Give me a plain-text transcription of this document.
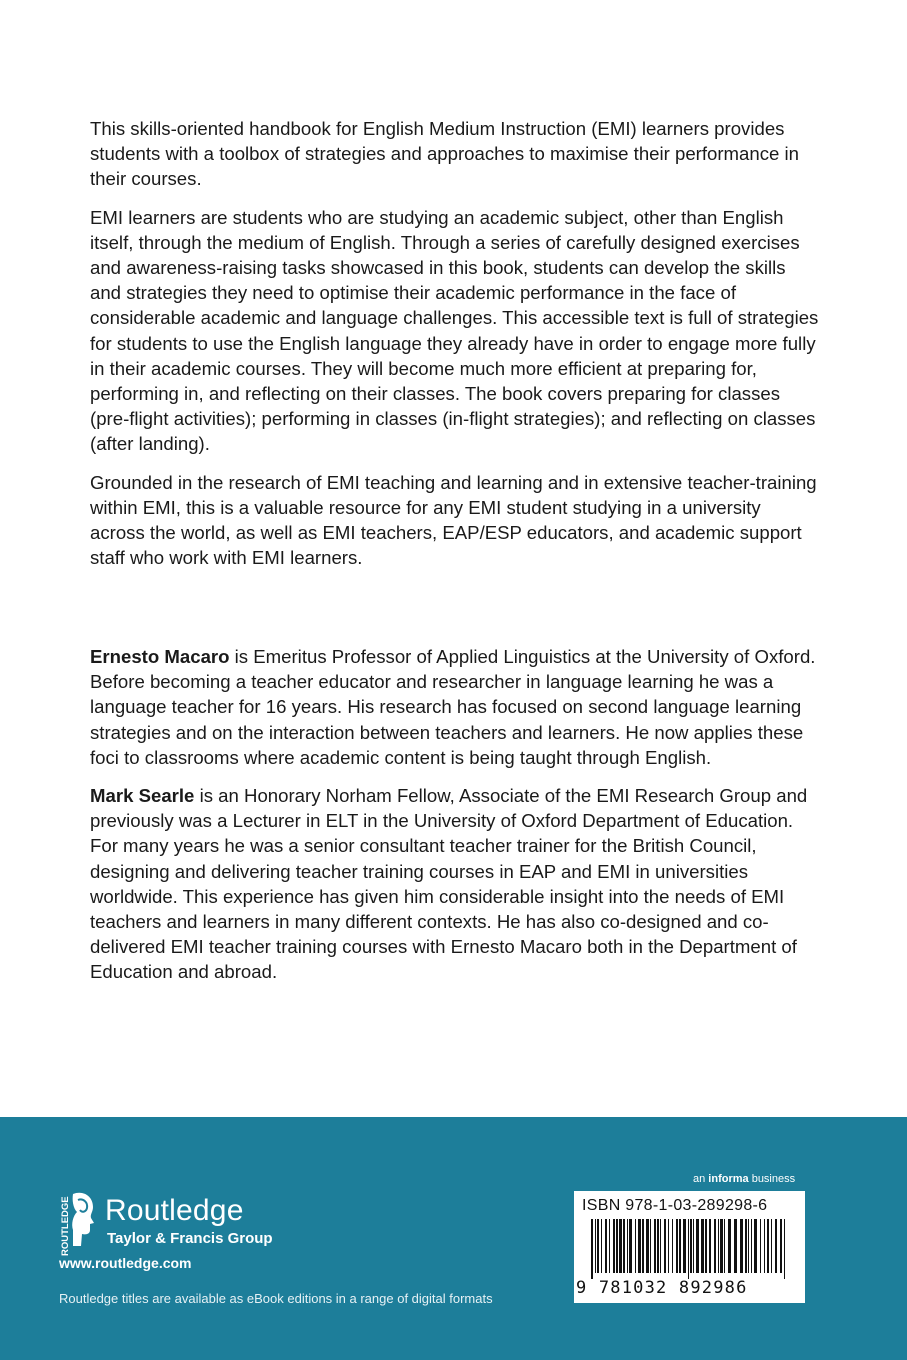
This skills-oriented handbook for English Medium Instruction (EMI) learners provides students with a toolbox of strategies and approaches to maximise their performance in their courses.

EMI learners are students who are studying an academic subject, other than English itself, through the medium of English. Through a series of carefully designed exercises and awareness-raising tasks showcased in this book, students can develop the skills and strategies they need to optimise their academic performance in the face of considerable academic and language challenges. This accessible text is full of strategies for students to use the English language they already have in order to engage more fully in their academic courses. They will become much more efficient at preparing for, performing in, and reflecting on their classes. The book covers preparing for classes (pre-flight activities); performing in classes (in-flight strategies); and reflecting on classes (after landing).

Grounded in the research of EMI teaching and learning and in extensive teacher-training within EMI, this is a valuable resource for any EMI student studying in a university across the world, as well as EMI teachers, EAP/ESP educators, and academic support staff who work with EMI learners.

Ernesto Macaro is Emeritus Professor of Applied Linguistics at the University of Oxford. Before becoming a teacher educator and researcher in language learning he was a language teacher for 16 years. His research has focused on second language learning strategies and on the interaction between teachers and learners. He now applies these foci to classrooms where academic content is being taught through English.

Mark Searle is an Honorary Norham Fellow, Associate of the EMI Research Group and previously was a Lecturer in ELT in the University of Oxford Department of Education. For many years he was a senior consultant teacher trainer for the British Council, designing and delivering teacher training courses in EAP and EMI in universities worldwide. This experience has given him considerable insight into the needs of EMI teachers and learners in many different contexts. He has also co-designed and co-delivered EMI teacher training courses with Ernesto Macaro both in the Department of Education and abroad.

ROUTLEDGE Routledge
Taylor & Francis Group
www.routledge.com
Routledge titles are available as eBook editions in a range of digital formats
an informa business
ISBN 978-1-03-289298-6
9 781032 892986
